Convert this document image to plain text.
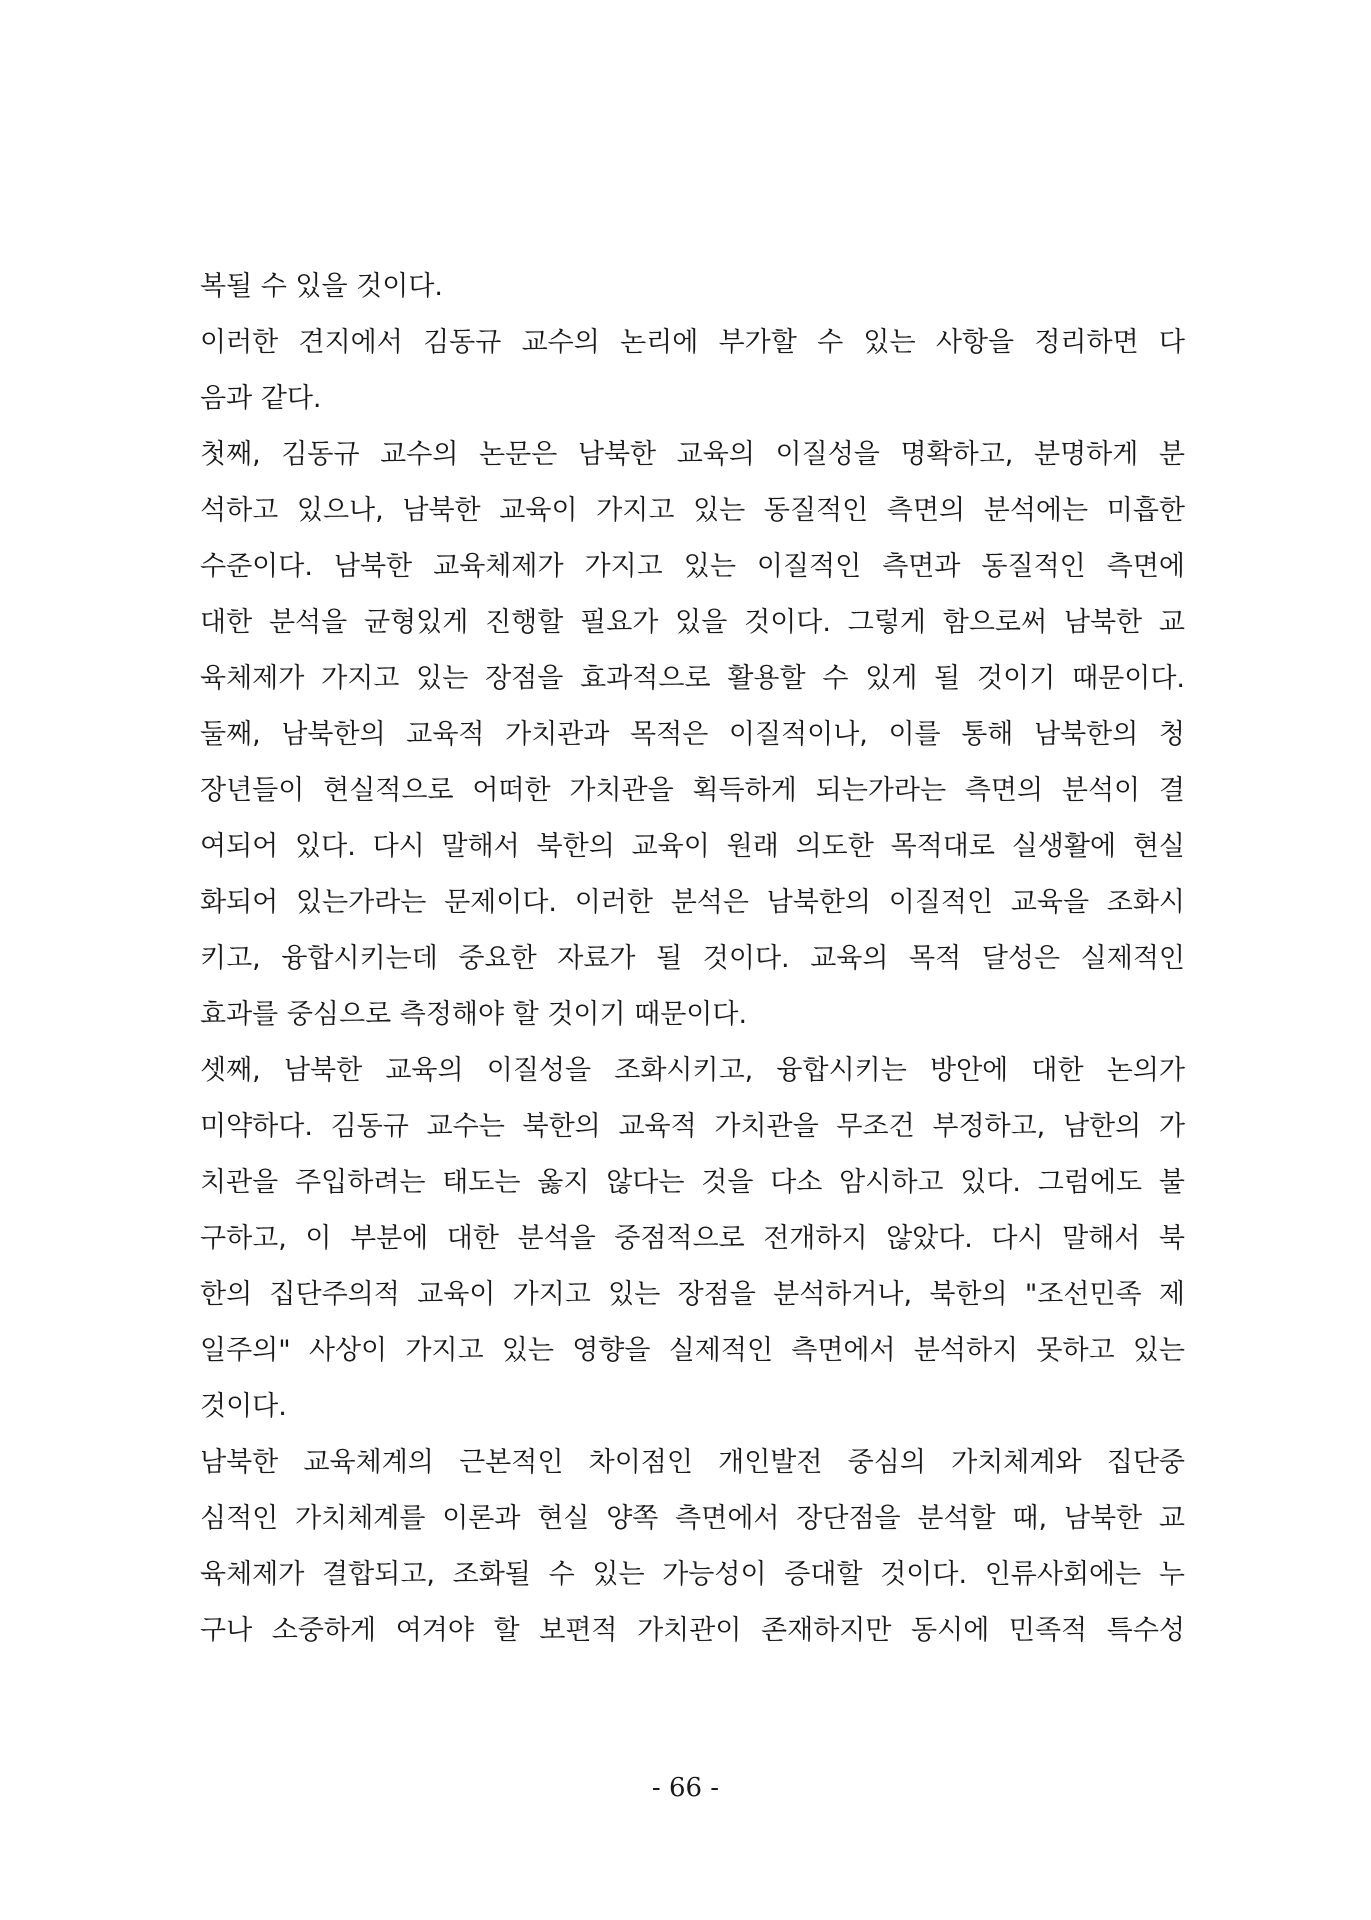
복될 수 있을 것이다.
이러한 견지에서 김동규 교수의 논리에 부가할 수 있는 사항을 정리하면 다
음과 같다.
첫째, 김동규 교수의 논문은 남북한 교육의 이질성을 명확하고, 분명하게 분
석하고 있으나, 남북한 교육이 가지고 있는 동질적인 측면의 분석에는 미흡한
수준이다. 남북한 교육체제가 가지고 있는 이질적인 측면과 동질적인 측면에
대한 분석을 균형있게 진행할 필요가 있을 것이다. 그렇게 함으로써 남북한 교
육체제가 가지고 있는 장점을 효과적으로 활용할 수 있게 될 것이기 때문이다.
둘째, 남북한의 교육적 가치관과 목적은 이질적이나, 이를 통해 남북한의 청
장년들이 현실적으로 어떠한 가치관을 획득하게 되는가라는 측면의 분석이 결
여되어 있다. 다시 말해서 북한의 교육이 원래 의도한 목적대로 실생활에 현실
화되어 있는가라는 문제이다. 이러한 분석은 남북한의 이질적인 교육을 조화시
키고, 융합시키는데 중요한 자료가 될 것이다. 교육의 목적 달성은 실제적인
효과를 중심으로 측정해야 할 것이기 때문이다.
셋째, 남북한 교육의 이질성을 조화시키고, 융합시키는 방안에 대한 논의가
미약하다. 김동규 교수는 북한의 교육적 가치관을 무조건 부정하고, 남한의 가
치관을 주입하려는 태도는 옳지 않다는 것을 다소 암시하고 있다. 그럼에도 불
구하고, 이 부분에 대한 분석을 중점적으로 전개하지 않았다. 다시 말해서 북
한의 집단주의적 교육이 가지고 있는 장점을 분석하거나, 북한의 "조선민족 제
일주의" 사상이 가지고 있는 영향을 실제적인 측면에서 분석하지 못하고 있는
것이다.
남북한 교육체계의 근본적인 차이점인 개인발전 중심의 가치체계와 집단중
심적인 가치체계를 이론과 현실 양쪽 측면에서 장단점을 분석할 때, 남북한 교
육체제가 결합되고, 조화될 수 있는 가능성이 증대할 것이다. 인류사회에는 누
구나 소중하게 여겨야 할 보편적 가치관이 존재하지만 동시에 민족적 특수성
- 66 -
